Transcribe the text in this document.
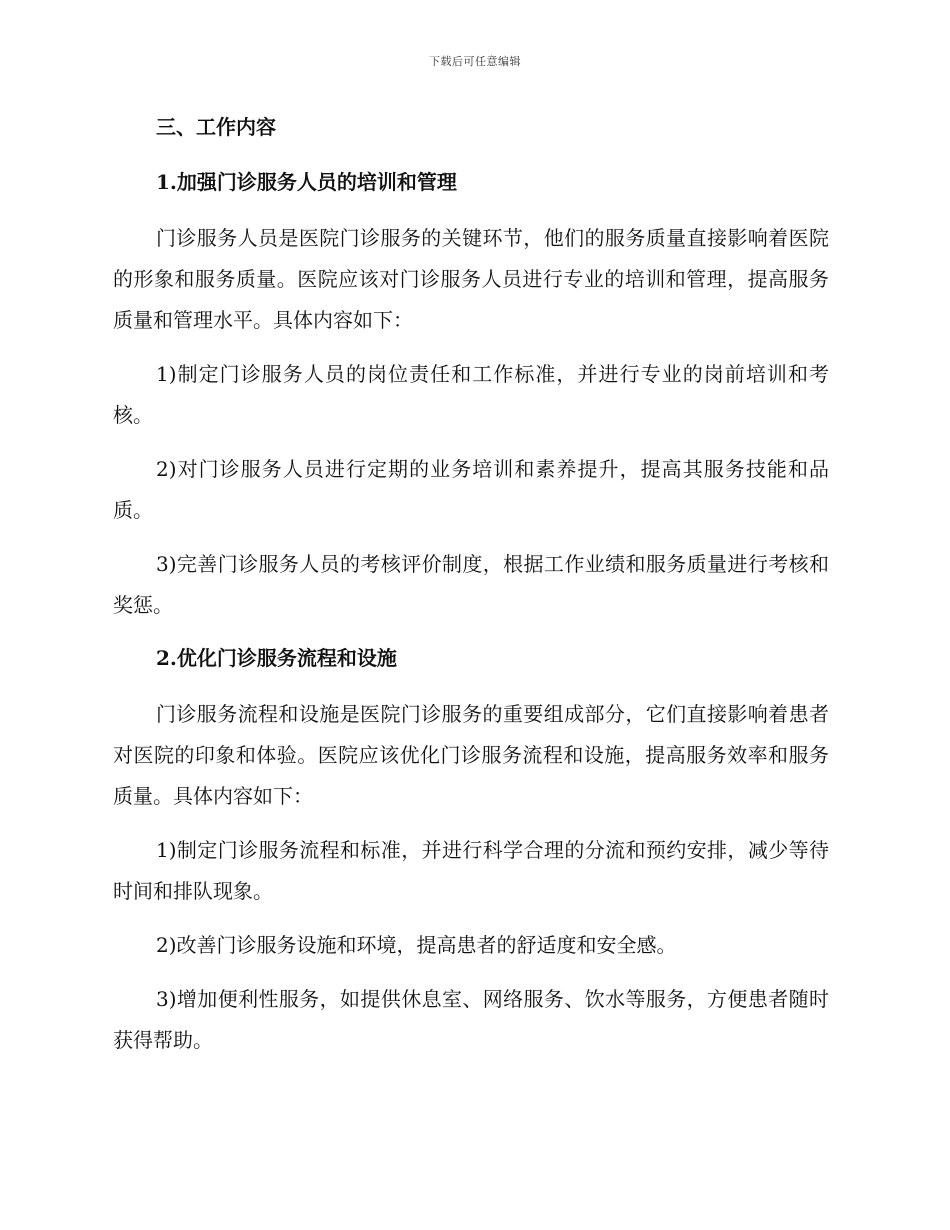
下载后可任意编辑
三、工作内容
1.加强门诊服务人员的培训和管理

门诊服务人员是医院门诊服务的关键环节，他们的服务质量直接影响着医院的形象和服务质量。医院应该对门诊服务人员进行专业的培训和管理，提高服务质量和管理水平。具体内容如下：

1)制定门诊服务人员的岗位责任和工作标准，并进行专业的岗前培训和考核。

2)对门诊服务人员进行定期的业务培训和素养提升，提高其服务技能和品质。

3)完善门诊服务人员的考核评价制度，根据工作业绩和服务质量进行考核和奖惩。

2.优化门诊服务流程和设施

门诊服务流程和设施是医院门诊服务的重要组成部分，它们直接影响着患者对医院的印象和体验。医院应该优化门诊服务流程和设施，提高服务效率和服务质量。具体内容如下：

1)制定门诊服务流程和标准，并进行科学合理的分流和预约安排，减少等待时间和排队现象。

2)改善门诊服务设施和环境，提高患者的舒适度和安全感。

3)增加便利性服务，如提供休息室、网络服务、饮水等服务，方便患者随时获得帮助。
